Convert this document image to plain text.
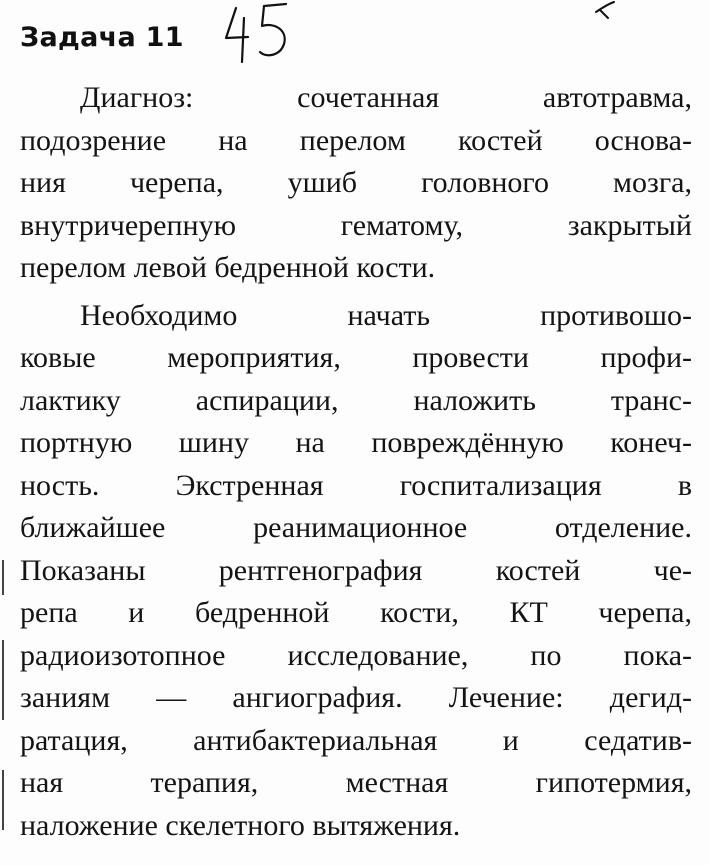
Задача 11
Диагноз: сочетанная автотравма,
подозрение на перелом костей основа-
ния черепа, ушиб головного мозга,
внутричерепную гематому, закрытый
перелом левой бедренной кости.
Необходимо начать противошо-
ковые мероприятия, провести профи-
лактику аспирации, наложить транс-
портную шину на повреждённую конеч-
ность. Экстренная госпитализация в
ближайшее реанимационное отделение.
Показаны рентгенография костей че-
репа и бедренной кости, КТ черепа,
радиоизотопное исследование, по пока-
заниям — ангиография. Лечение: дегид-
ратация, антибактериальная и седатив-
ная терапия, местная гипотермия,
наложение скелетного вытяжения.
